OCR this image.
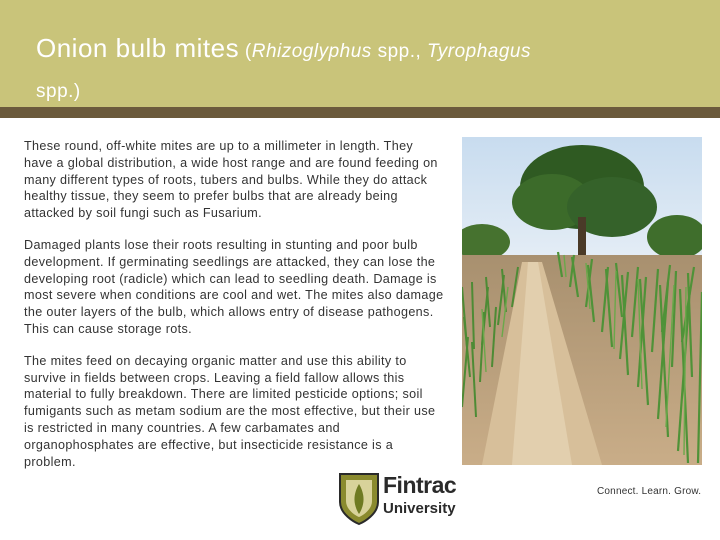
Onion bulb mites (Rhizoglyphus spp., Tyrophagus
spp.)

These round, off-white mites are up to a millimeter in length. They have a global distribution, a wide host range and are found feeding on many different types of roots, tubers and bulbs. While they do attack healthy tissue, they seem to prefer bulbs that are already being attacked by soil fungi such as Fusarium.

Damaged plants lose their roots resulting in stunting and poor bulb development. If germinating seedlings are attacked, they can lose the developing root (radicle) which can lead to seedling death. Damage is most severe when conditions are cool and wet. The mites also damage the outer layers of the bulb, which allows entry of disease pathogens. This can cause storage rots.

The mites feed on decaying organic matter and use this ability to survive in fields between crops. Leaving a field fallow allows this material to fully breakdown. There are limited pesticide options; soil fumigants such as metam sodium are the most effective, but their use is restricted in many countries. A few carbamates and organophosphates are effective, but insecticide resistance is a problem.

Fintrac
University
Connect. Learn. Grow.
